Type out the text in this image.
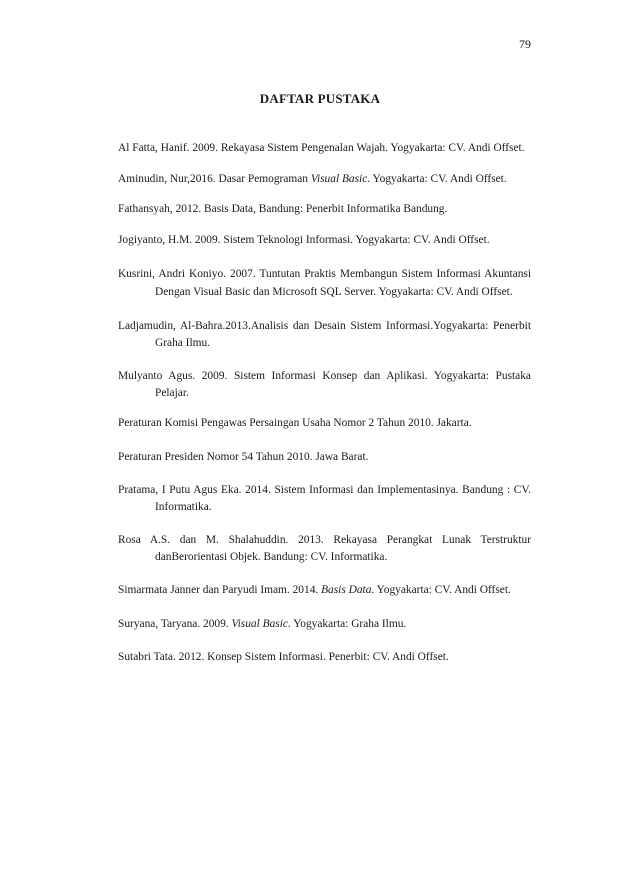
79
DAFTAR PUSTAKA
Al Fatta, Hanif. 2009. Rekayasa Sistem Pengenalan Wajah. Yogyakarta: CV. Andi Offset.
Aminudin, Nur,2016. Dasar Pemograman Visual Basic. Yogyakarta: CV. Andi Offset.
Fathansyah, 2012. Basis Data, Bandung: Penerbit Informatika Bandung.
Jogiyanto, H.M. 2009. Sistem Teknologi Informasi. Yogyakarta: CV. Andi Offset.
Kusrini, Andri Koniyo. 2007. Tuntutan Praktis Membangun Sistem Informasi Akuntansi Dengan Visual Basic dan Microsoft SQL Server. Yogyakarta: CV. Andi Offset.
Ladjamudin, Al-Bahra.2013.Analisis dan Desain Sistem Informasi.Yogyakarta: Penerbit Graha Ilmu.
Mulyanto Agus. 2009. Sistem Informasi Konsep dan Aplikasi. Yogyakarta: Pustaka Pelajar.
Peraturan Komisi Pengawas Persaingan Usaha Nomor 2 Tahun 2010. Jakarta.
Peraturan Presiden Nomor 54 Tahun 2010. Jawa Barat.
Pratama, I Putu Agus Eka. 2014. Sistem Informasi dan Implementasinya. Bandung : CV. Informatika.
Rosa A.S. dan M. Shalahuddin. 2013. Rekayasa Perangkat Lunak Terstruktur danBerorientasi Objek. Bandung: CV. Informatika.
Simarmata Janner dan Paryudi Imam. 2014. Basis Data. Yogyakarta: CV. Andi Offset.
Suryana, Taryana. 2009. Visual Basic. Yogyakarta: Graha Ilmu.
Sutabri Tata. 2012. Konsep Sistem Informasi. Penerbit: CV. Andi Offset.
